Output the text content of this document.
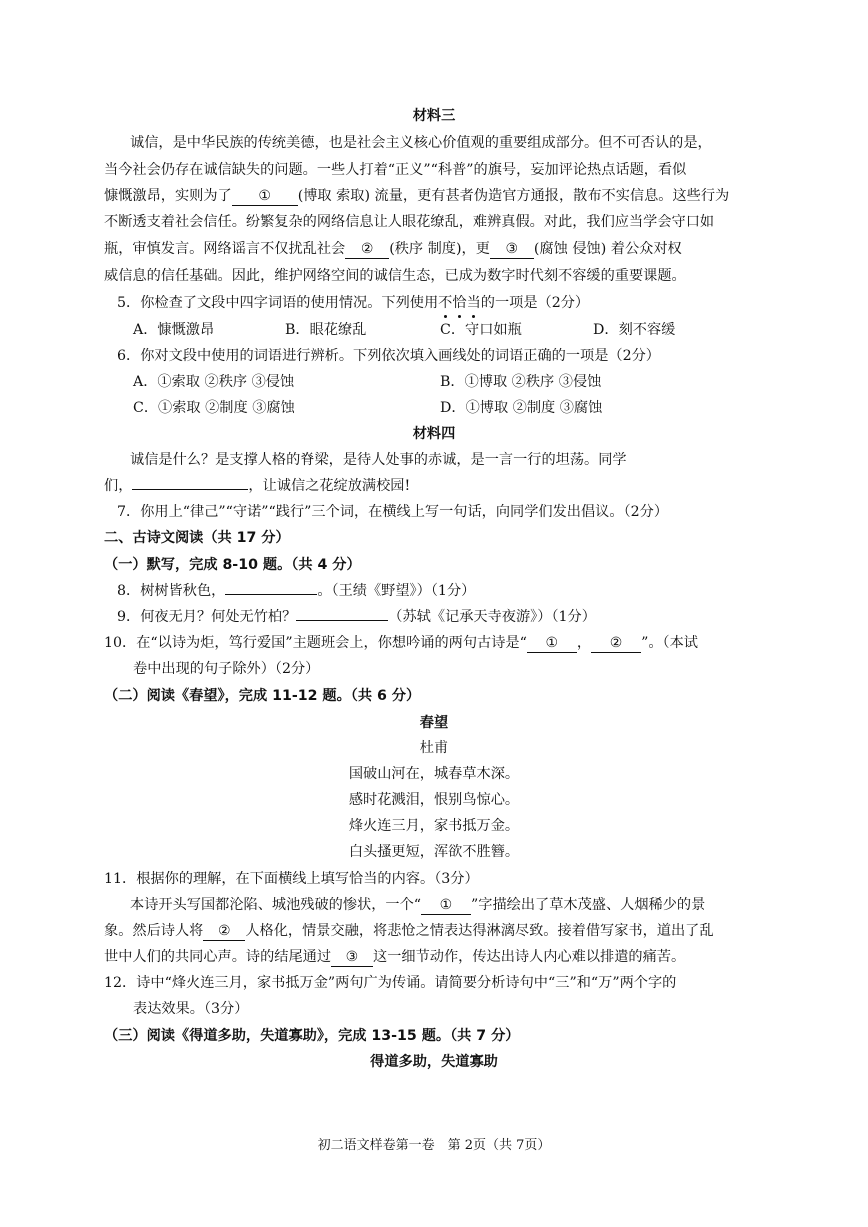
材料三
诚信，是中华民族的传统美德，也是社会主义核心价值观的重要组成部分。但不可否认的是，
当今社会仍存在诚信缺失的问题。一些人打着“正义”“科普”的旗号，妄加评论热点话题，看似
慷慨激昂，实则为了 ① (博取 索取) 流量，更有甚者伪造官方通报，散布不实信息。这些行为
不断透支着社会信任。纷繁复杂的网络信息让人眼花缭乱，难辨真假。对此，我们应当学会守口如
瓶，审慎发言。网络谣言不仅扰乱社会 ② (秩序 制度)，更 ③ (腐蚀 侵蚀) 着公众对权
威信息的信任基础。因此，维护网络空间的诚信生态，已成为数字时代刻不容缓的重要课题。
5．你检查了文段中四字词语的使用情况。下列使用不恰当的一项是（2分）
A．慷慨激昂	B．眼花缭乱	C．守口如瓶	D．刻不容缓
6．你对文段中使用的词语进行辨析。下列依次填入画线处的词语正确的一项是（2分）
A．①索取 ②秩序 ③侵蚀	B．①博取 ②秩序 ③侵蚀
C．①索取 ②制度 ③腐蚀	D．①博取 ②制度 ③腐蚀
材料四
诚信是什么？是支撑人格的脊梁，是待人处事的赤诚，是一言一行的坦荡。同学
们，	，让诚信之花绽放满校园!
7．你用上“律己”“守诺”“践行”三个词，在横线上写一句话，向同学们发出倡议。（2分）
二、古诗文阅读（共 17 分）
（一）默写，完成 8-10 题。（共 4 分）
8．树树皆秋色，	。（王绩《野望》）（1分）
9．何夜无月？何处无竹柏？	（苏轼《记承天寺夜游》）（1分）
10．在“以诗为炬，笃行爱国”主题班会上，你想吟诵的两句古诗是“ ① ， ② ”。（本试
卷中出现的句子除外）（2分）
（二）阅读《春望》，完成 11-12 题。（共 6 分）
春望
杜甫
国破山河在，城春草木深。
感时花溅泪，恨别鸟惊心。
烽火连三月，家书抵万金。
白头搔更短，浑欲不胜簪。
11．根据你的理解，在下面横线上填写恰当的内容。（3分）
本诗开头写国都沦陷、城池残破的惨状，一个“ ① ”字描绘出了草木茂盛、人烟稀少的景
象。然后诗人将 ② 人格化，情景交融，将悲怆之情表达得淋漓尽致。接着借写家书，道出了乱
世中人们的共同心声。诗的结尾通过 ③ 这一细节动作，传达出诗人内心难以排遣的痛苦。
12．诗中“烽火连三月，家书抵万金”两句广为传诵。请简要分析诗句中“三”和“万”两个字的
表达效果。（3分）
（三）阅读《得道多助，失道寡助》，完成 13-15 题。（共 7 分）
得道多助，失道寡助
初二语文样卷第一卷　第 2页（共 7页）
